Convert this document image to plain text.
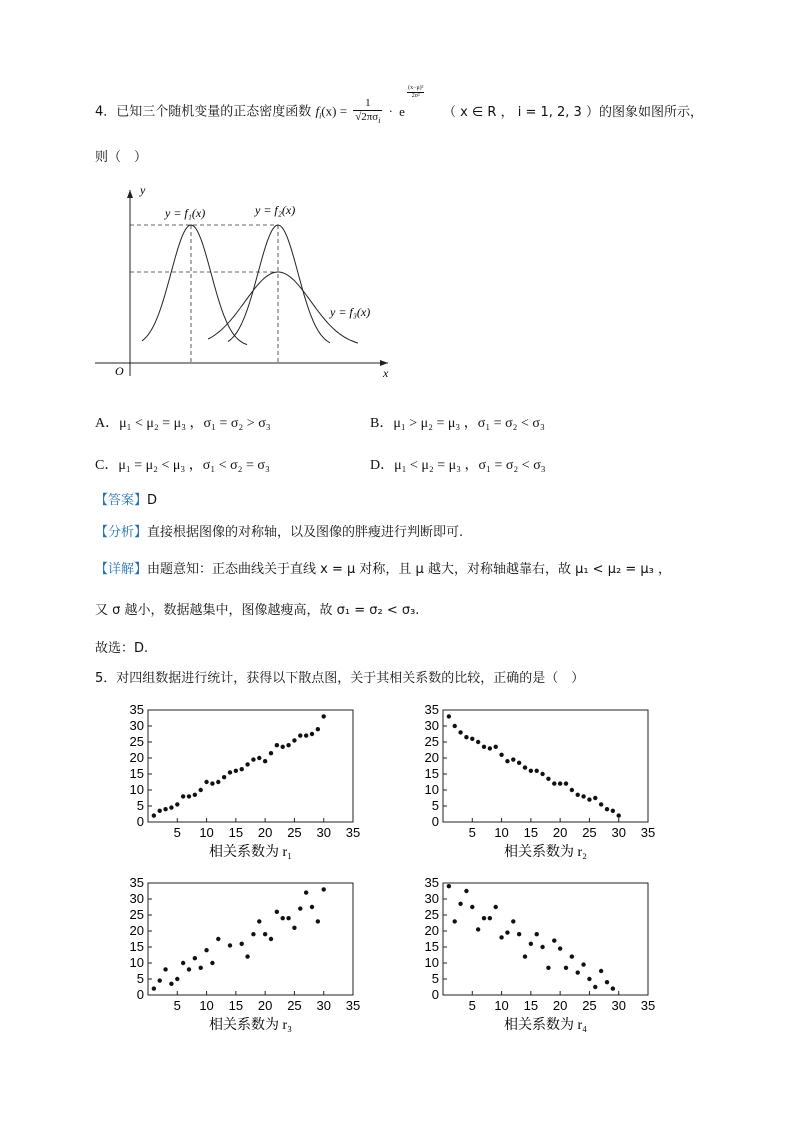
4．已知三个随机变量的正态密度函数 $f_i(x) = \frac{1}{√2\pi\sigma_i} \cdot e$
$\frac{\text{(x−μ)²}}{\text{2σ²}}$
（ x ∈ R ， i = 1, 2, 3 ）的图象如图所示，
则（　）
y
x
O
y = f₁(x)	y = f₂(x)
y = f₃(x)
A．μ₁ < μ₂ = μ₃ ，σ₁ = σ₂ > σ₃	B．μ₁ > μ₂ = μ₃ ，σ₁ = σ₂ < σ₃
C．μ₁ = μ₂ < μ₃ ，σ₁ < σ₂ = σ₃	D．μ₁ < μ₂ = μ₃ ，σ₁ = σ₂ < σ₃
【答案】D
【分析】直接根据图像的对称轴，以及图像的胖瘦进行判断即可.
【详解】由题意知：正态曲线关于直线 x = μ 对称，且 μ 越大，对称轴越靠右，故 μ₁ < μ₂ = μ₃ ，
又 σ 越小，数据越集中，图像越瘦高，故 σ₁ = σ₂ < σ₃.
故选：D.
5．对四组数据进行统计，获得以下散点图，关于其相关系数的比较，正确的是（　）
0
5
10
15
20
25
30
35
5 10 15 20 25 30 35
相关系数为 r₁
0
5
10
15
20
25
30
35
5 10 15 20 25 30 35
相关系数为 r₂
0
5
10
15
20
25
30
35
5 10 15 20 25 30 35
相关系数为 r₃
0
5
10
15
20
25
30
35
5 10 15 20 25 30 35
相关系数为 r₄
